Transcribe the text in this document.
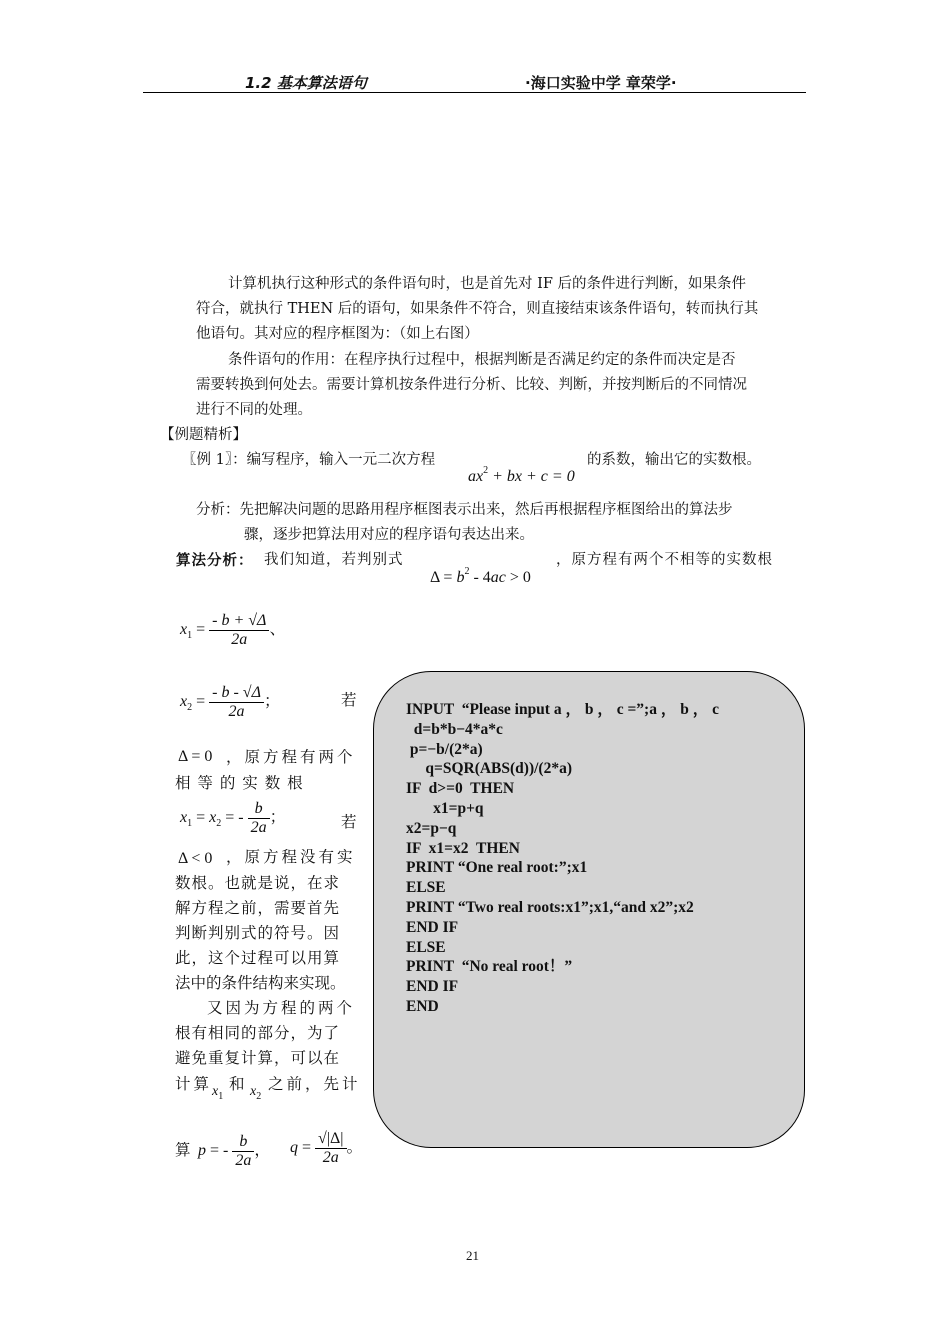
1.2 基本算法语句	·海口实验中学 章荣学·
计算机执行这种形式的条件语句时，也是首先对 IF 后的条件进行判断，如果条件
符合，就执行 THEN 后的语句，如果条件不符合，则直接结束该条件语句，转而执行其
他语句。其对应的程序框图为：（如上右图）
条件语句的作用：在程序执行过程中，根据判断是否满足约定的条件而决定是否
需要转换到何处去。需要计算机按条件进行分析、比较、判断，并按判断后的不同情况
进行不同的处理。
【例题精析】
〖例 1〗：编写程序，输入一元二次方程
$ax^2$ + bx + c = 0
的系数，输出它的实数根。
分析：先把解决问题的思路用程序框图表示出来，然后再根据程序框图给出的算法步
骤，逐步把算法用对应的程序语句表达出来。
算法分析： 我们知道，若判别式
$\Delta = b^2 - 4ac > 0$
，原方程有两个不相等的实数根
$x_1 = \frac{- b + √\Delta}{2a}$ 、
$x_2 = \frac{- b - √\Delta}{2a}$ ；	若
Δ = 0 ，原方程有两个
相 等 的 实 数 根
$x_1 = x_2$ = - $\frac{b}{2a}$ ；	若
Δ < 0 ，原方程没有实
数根。也就是说，在求
解方程之前，需要首先
判断判别式的符号。因
此，这个过程可以用算
法中的条件结构来实现。
又因为方程的两个
根有相同的部分，为了
避免重复计算，可以在
计算 $x_1$
和 $x_2$
之前，先计
算 p = - $\frac{b}{2a}$ ， $q = \frac{√|\Delta|}{2a}$ 。
INPUT  “Please input a ， b ， c =”;a ， b ， c
d=b*b−4*a*c
p=−b/(2*a)
q=SQR(ABS(d))/(2*a)
IF  d>=0  THEN
x1=p+q
x2=p−q
IF  x1=x2  THEN
PRINT “One real root:”;x1
ELSE
PRINT “Two real roots:x1”;x1,“and x2”;x2
END IF
ELSE
PRINT  “No real root！”
END IF
END
21
